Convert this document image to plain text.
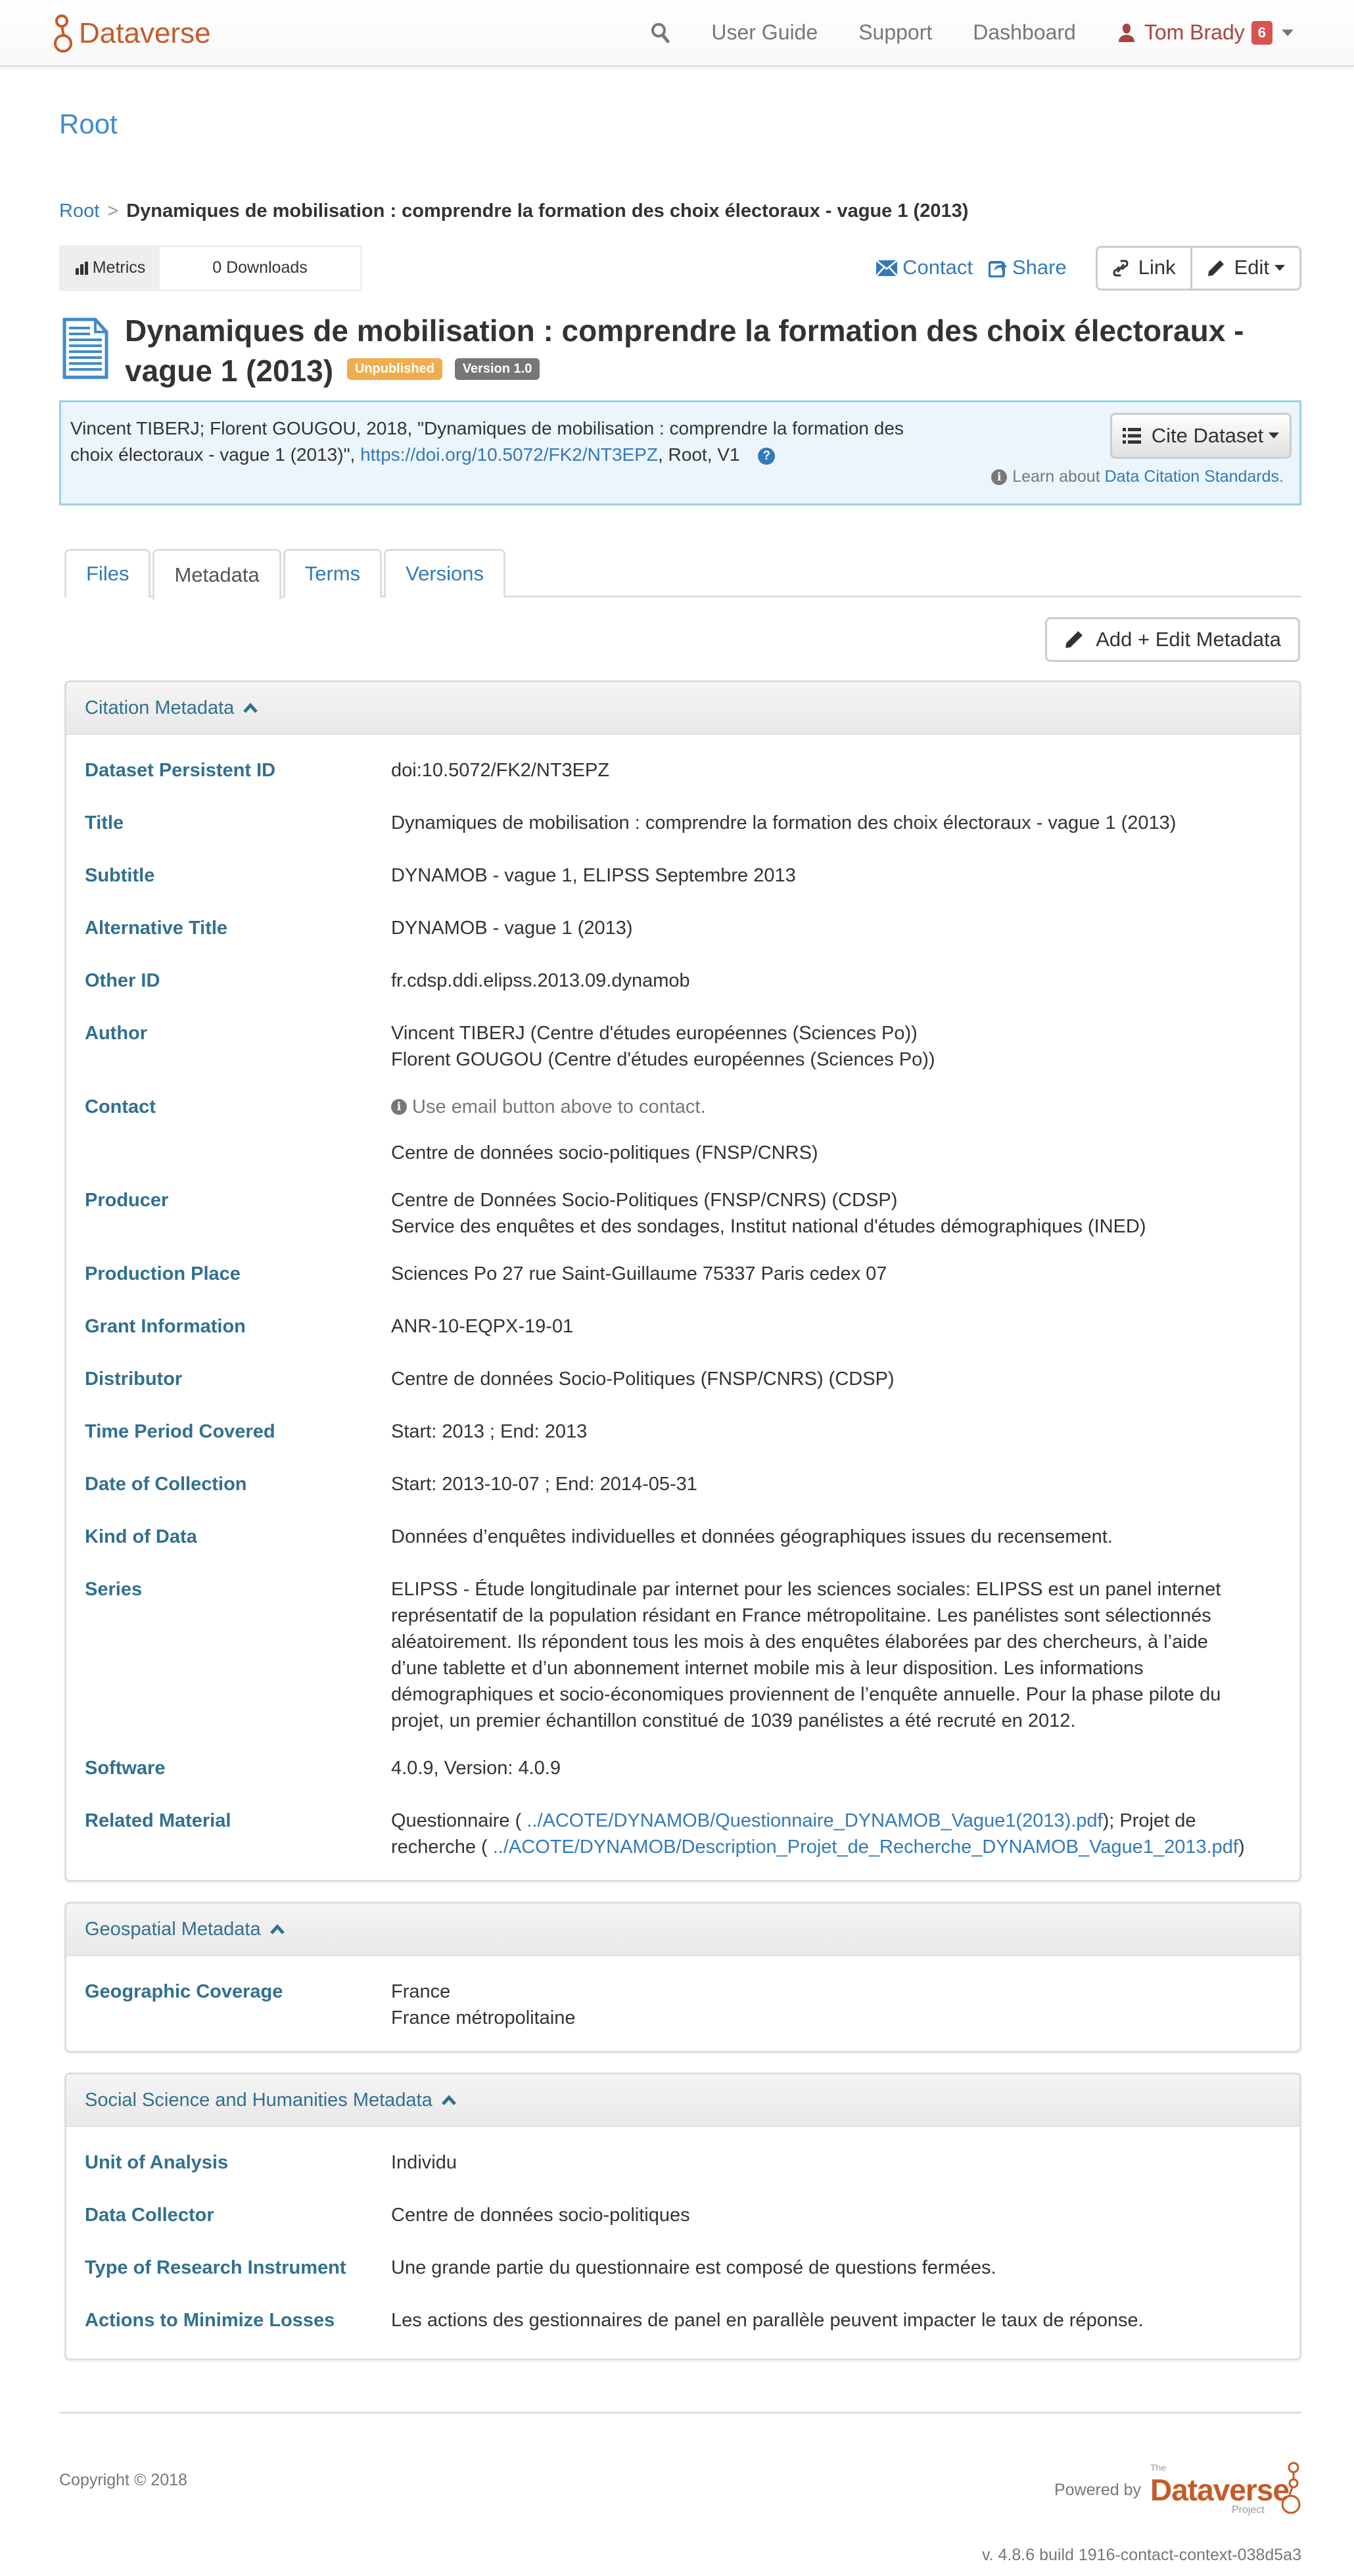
Dataverse	User Guide Support Dashboard	Tom Brady 6
Root
Root > Dynamiques de mobilisation : comprendre la formation des choix électoraux - vague 1 (2013)
Metrics	0 Downloads	Contact Share	Link	Edit
Dynamiques de mobilisation : comprendre la formation des choix électoraux - vague 1 (2013) Unpublished Version 1.0
Vincent TIBERJ; Florent GOUGOU, 2018, "Dynamiques de mobilisation : comprendre la formation des choix électoraux - vague 1 (2013)", https://doi.org/10.5072/FK2/NT3EPZ, Root, V1 ?
Cite Dataset
i Learn about
Data Citation Standards .
Files	Metadata	Terms	Versions
Add + Edit Metadata
Citation Metadata
Dataset Persistent ID	doi:10.5072/FK2/NT3EPZ
Title	Dynamiques de mobilisation : comprendre la formation des choix électoraux - vague 1 (2013)
Subtitle	DYNAMOB - vague 1, ELIPSS Septembre 2013
Alternative Title	DYNAMOB - vague 1 (2013)
Other ID	fr.cdsp.ddi.elipss.2013.09.dynamob
Author	Vincent TIBERJ (Centre d'études européennes (Sciences Po))

Florent GOUGOU (Centre d'études européennes (Sciences Po))

Contact	i Use email button above to contact.

Centre de données socio-politiques (FNSP/CNRS)

Producer	Centre de Données Socio-Politiques (FNSP/CNRS) (CDSP)

Service des enquêtes et des sondages, Institut national d'études démographiques (INED)

Production Place	Sciences Po 27 rue Saint-Guillaume 75337 Paris cedex 07
Grant Information	ANR-10-EQPX-19-01
Distributor	Centre de données Socio-Politiques (FNSP/CNRS) (CDSP)
Time Period Covered	Start: 2013 ; End: 2013
Date of Collection	Start: 2013-10-07 ; End: 2014-05-31
Kind of Data	Données d’enquêtes individuelles et données géographiques issues du recensement.
Series	ELIPSS - Étude longitudinale par internet pour les sciences sociales: ELIPSS est un panel internet représentatif de la population résidant en France métropolitaine. Les panélistes sont sélectionnés aléatoirement. Ils répondent tous les mois à des enquêtes élaborées par des chercheurs, à l’aide d’une tablette et d’un abonnement internet mobile mis à leur disposition. Les informations démographiques et socio-économiques proviennent de l’enquête annuelle. Pour la phase pilote du projet, un premier échantillon constitué de 1039 panélistes a été recruté en 2012.
Software	4.0.9, Version: 4.0.9
Related Material	Questionnaire ( ../ACOTE/DYNAMOB/Questionnaire_DYNAMOB_Vague1(2013).pdf); Projet de recherche ( ../ACOTE/DYNAMOB/Description_Projet_de_Recherche_DYNAMOB_Vague1_2013.pdf)
Geospatial Metadata
Geographic Coverage	France

France métropolitaine

Social Science and Humanities Metadata
Unit of Analysis	Individu
Data Collector	Centre de données socio-politiques
Type of Research Instrument	Une grande partie du questionnaire est composé de questions fermées.
Actions to Minimize Losses	Les actions des gestionnaires de panel en parallèle peuvent impacter le taux de réponse.
Copyright © 2018
Powered by
The
Dataverse
Project
v. 4.8.6 build 1916-contact-context-038d5a3
